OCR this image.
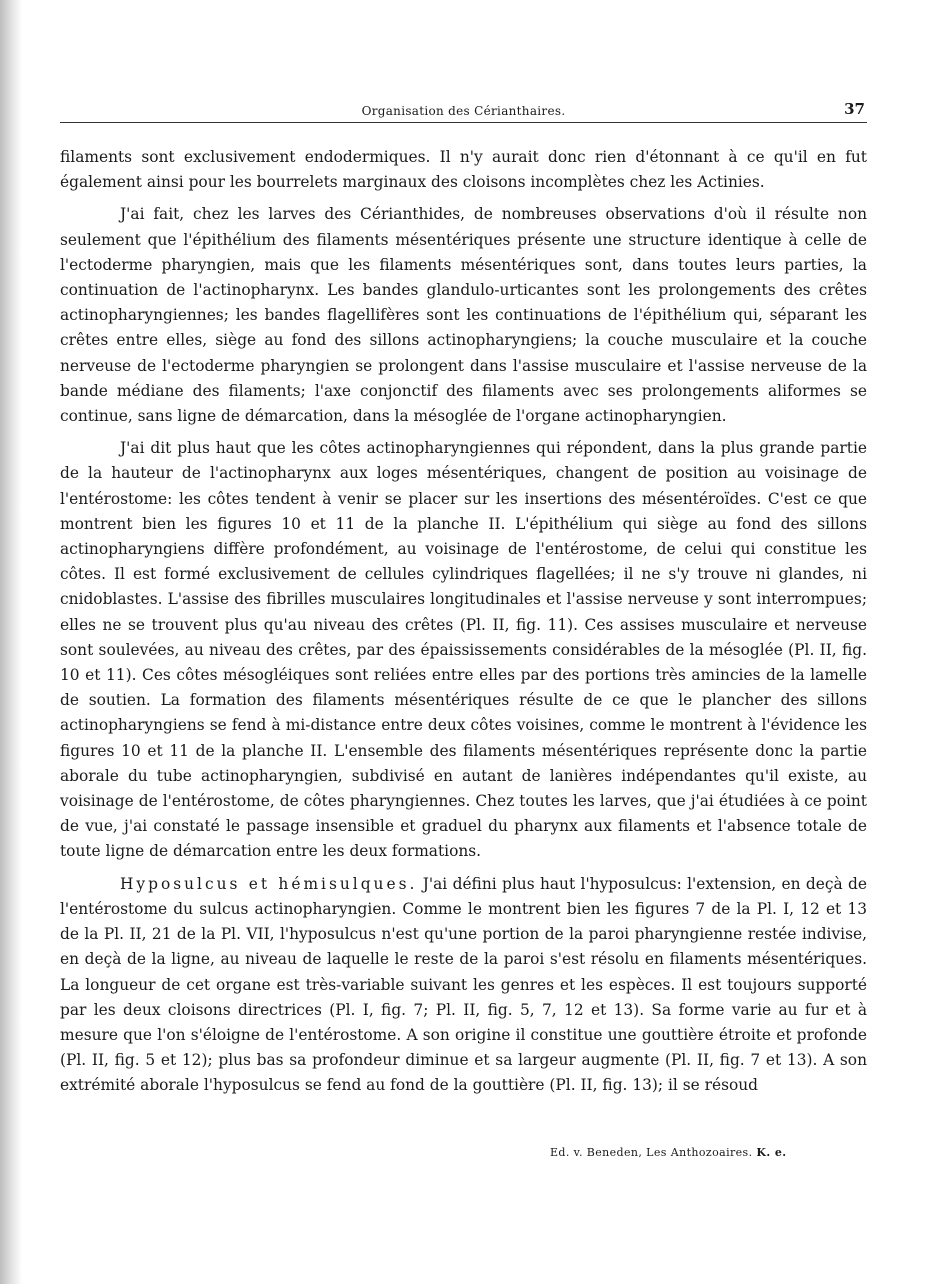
Organisation des Cérianthaires.	37

filaments sont exclusivement endodermiques. Il n'y aurait donc rien d'étonnant à ce qu'il en fut également ainsi pour les bourrelets marginaux des cloisons incomplètes chez les Actinies.

J'ai fait, chez les larves des Cérianthides, de nombreuses observations d'où il résulte non seulement que l'épithélium des filaments mésentériques présente une structure identique à celle de l'ectoderme pharyngien, mais que les filaments mésentériques sont, dans toutes leurs parties, la continuation de l'actinopharynx. Les bandes glandulo-urticantes sont les prolongements des crêtes actinopharyngiennes; les bandes flagellifères sont les continuations de l'épithélium qui, séparant les crêtes entre elles, siège au fond des sillons actinopharyngiens; la couche musculaire et la couche nerveuse de l'ectoderme pharyngien se prolongent dans l'assise musculaire et l'assise nerveuse de la bande médiane des filaments; l'axe conjonctif des filaments avec ses prolongements aliformes se continue, sans ligne de démarcation, dans la mésoglée de l'organe actinopharyngien.

J'ai dit plus haut que les côtes actinopharyngiennes qui répondent, dans la plus grande partie de la hauteur de l'actinopharynx aux loges mésentériques, changent de position au voisinage de l'entérostome: les côtes tendent à venir se placer sur les insertions des mésentéroïdes. C'est ce que montrent bien les figures 10 et 11 de la planche II. L'épithélium qui siège au fond des sillons actinopharyngiens diffère profondément, au voisinage de l'entérostome, de celui qui constitue les côtes. Il est formé exclusivement de cellules cylindriques flagellées; il ne s'y trouve ni glandes, ni cnidoblastes. L'assise des fibrilles musculaires longitudinales et l'assise nerveuse y sont interrompues; elles ne se trouvent plus qu'au niveau des crêtes (Pl. II, fig. 11). Ces assises musculaire et nerveuse sont soulevées, au niveau des crêtes, par des épaississements considérables de la mésoglée (Pl. II, fig. 10 et 11). Ces côtes mésogléiques sont reliées entre elles par des portions très amincies de la lamelle de soutien. La formation des filaments mésentériques résulte de ce que le plancher des sillons actinopharyngiens se fend à mi-distance entre deux côtes voisines, comme le montrent à l'évidence les figures 10 et 11 de la planche II. L'ensemble des filaments mésentériques représente donc la partie aborale du tube actinopharyngien, subdivisé en autant de lanières indépendantes qu'il existe, au voisinage de l'entérostome, de côtes pharyngiennes. Chez toutes les larves, que j'ai étudiées à ce point de vue, j'ai constaté le passage insensible et graduel du pharynx aux filaments et l'absence totale de toute ligne de démarcation entre les deux formations.

Hyposulcus et hémisulques. J'ai défini plus haut l'hyposulcus: l'extension, en deçà de l'entérostome du sulcus actinopharyngien. Comme le montrent bien les figures 7 de la Pl. I, 12 et 13 de la Pl. II, 21 de la Pl. VII, l'hyposulcus n'est qu'une portion de la paroi pharyngienne restée indivise, en deçà de la ligne, au niveau de laquelle le reste de la paroi s'est résolu en filaments mésentériques. La longueur de cet organe est très-variable suivant les genres et les espèces. Il est toujours supporté par les deux cloisons directrices (Pl. I, fig. 7; Pl. II, fig. 5, 7, 12 et 13). Sa forme varie au fur et à mesure que l'on s'éloigne de l'entérostome. A son origine il constitue une gouttière étroite et profonde (Pl. II, fig. 5 et 12); plus bas sa profondeur diminue et sa largeur augmente (Pl. II, fig. 7 et 13). A son extrémité aborale l'hyposulcus se fend au fond de la gouttière (Pl. II, fig. 13); il se résoud

Ed. v. Beneden, Les Anthozoaires. K. e.
